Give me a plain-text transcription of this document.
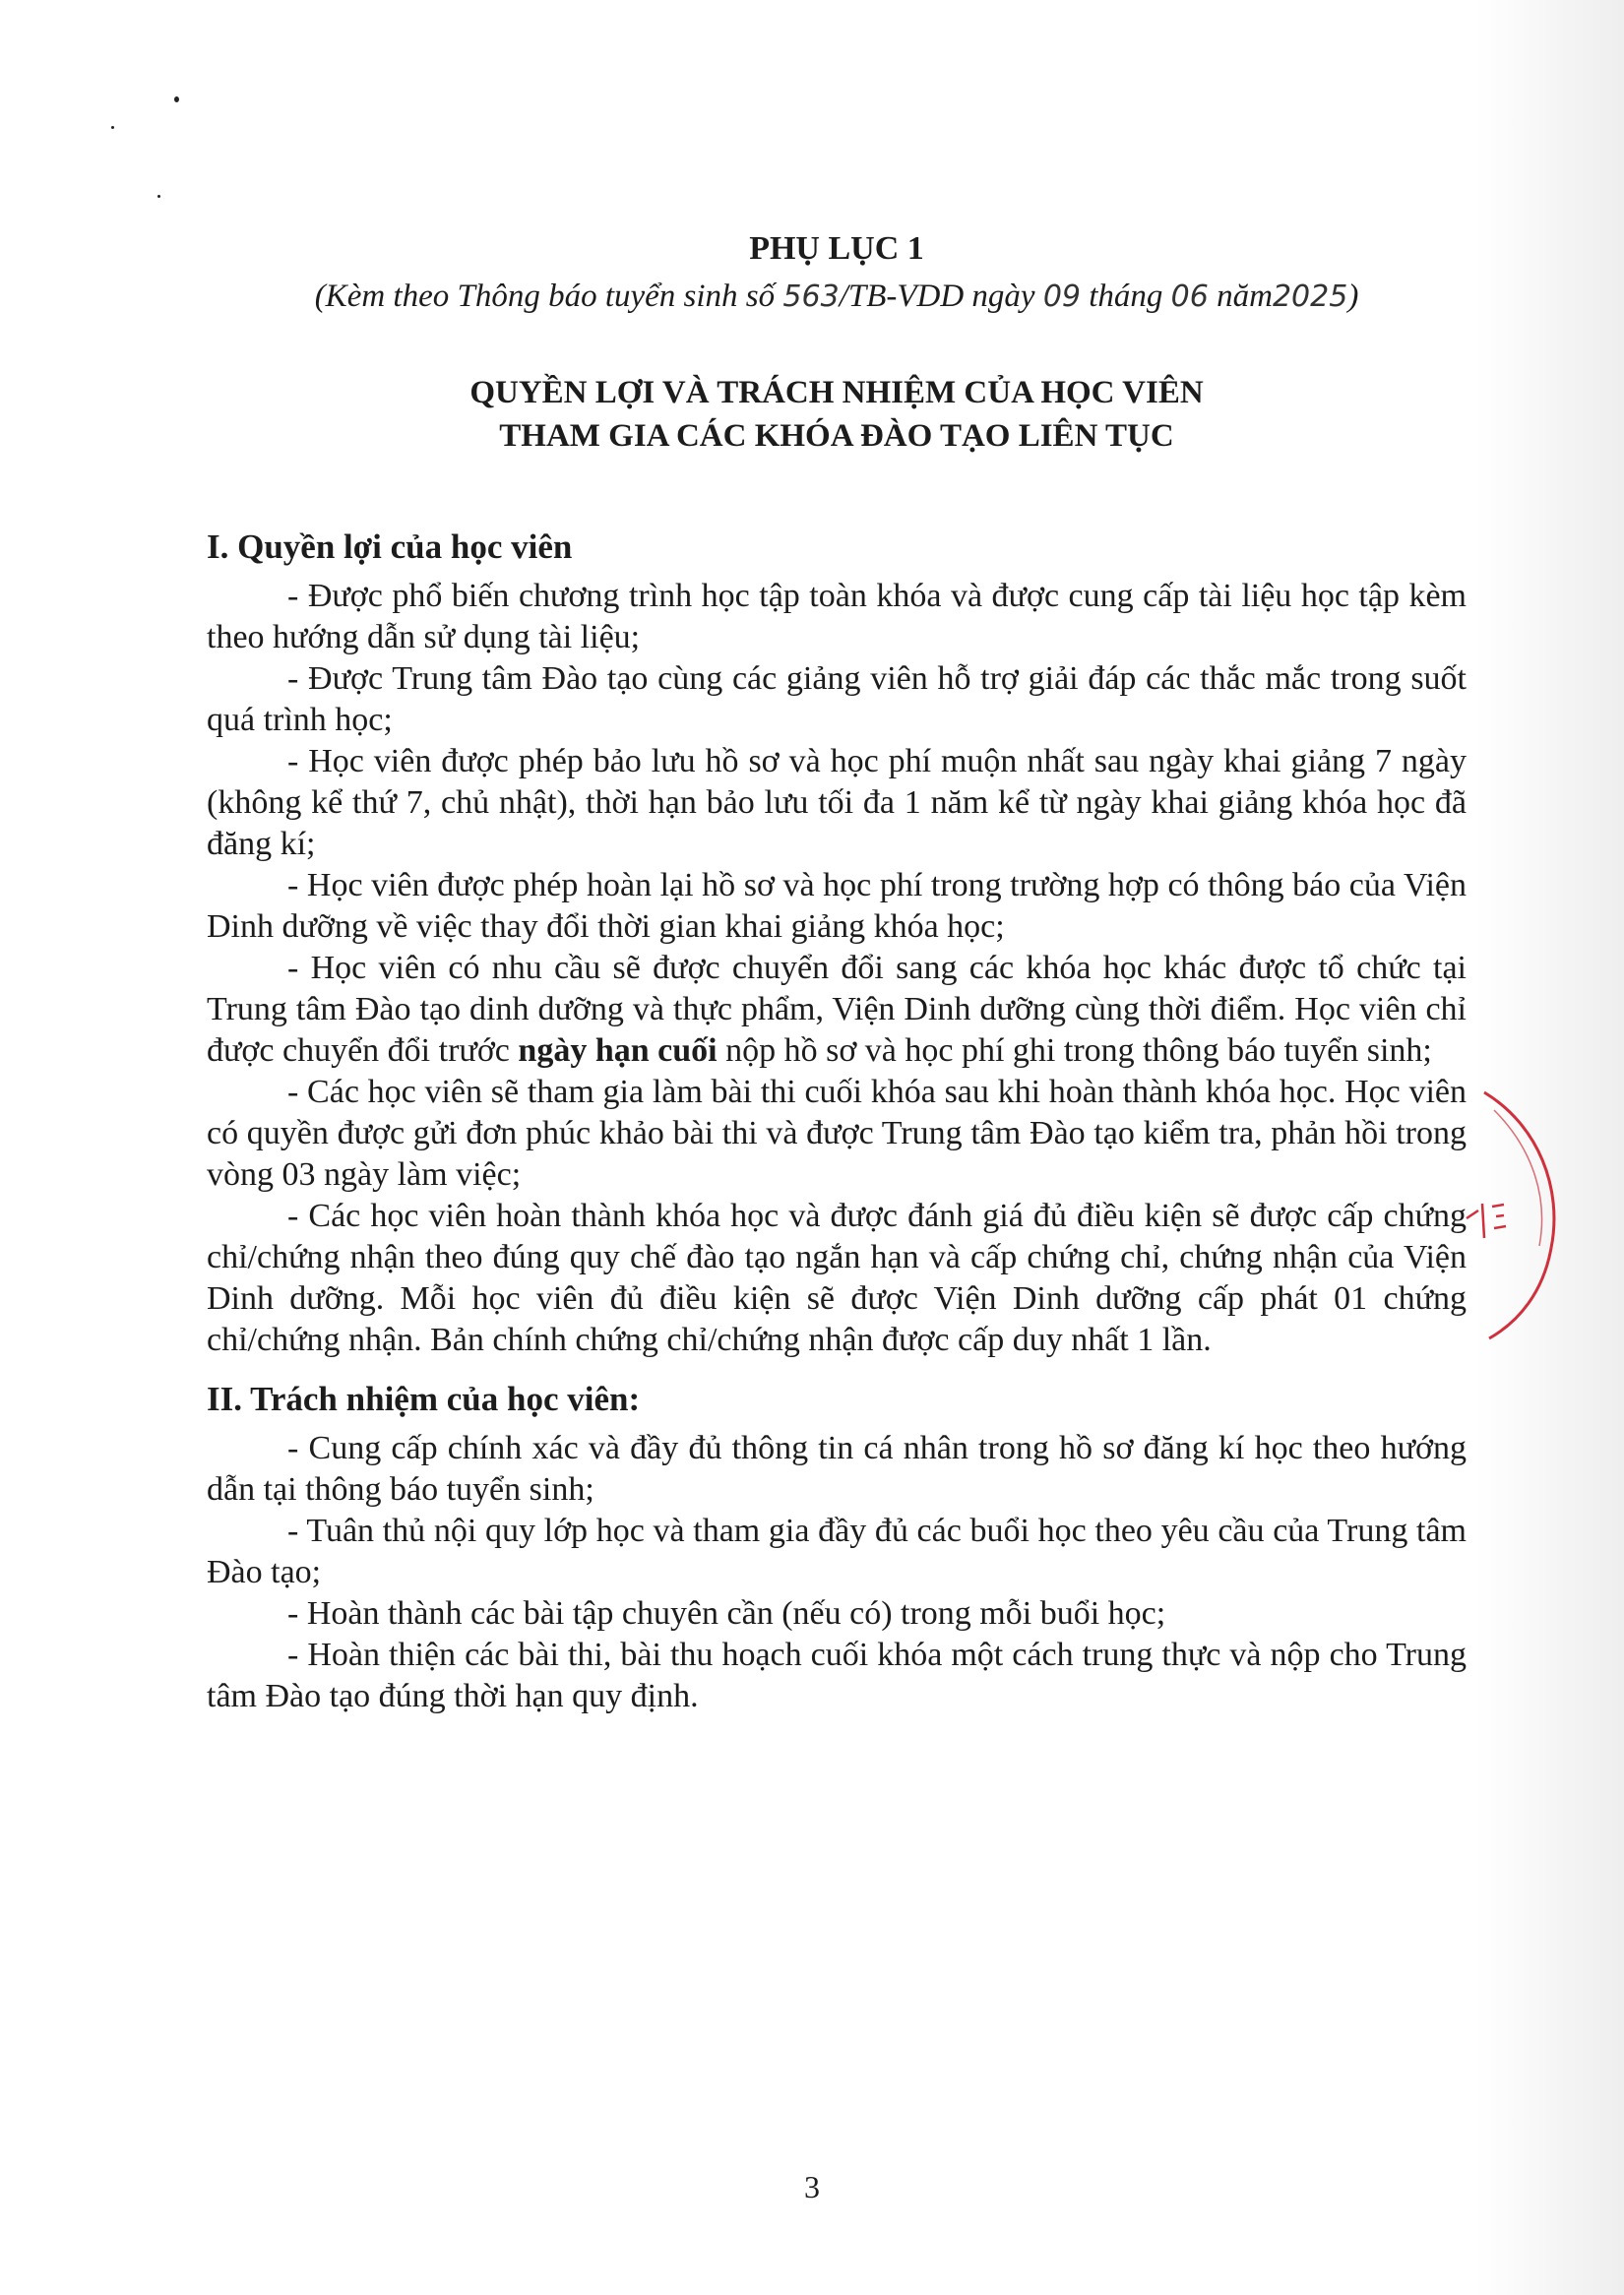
PHỤ LỤC 1

(Kèm theo Thông báo tuyển sinh số 563/TB-VDD ngày 09 tháng 06 năm2025)

QUYỀN LỢI VÀ TRÁCH NHIỆM CỦA HỌC VIÊN
THAM GIA CÁC KHÓA ĐÀO TẠO LIÊN TỤC

I. Quyền lợi của học viên

- Được phổ biến chương trình học tập toàn khóa và được cung cấp tài liệu học tập kèm theo hướng dẫn sử dụng tài liệu;

- Được Trung tâm Đào tạo cùng các giảng viên hỗ trợ giải đáp các thắc mắc trong suốt quá trình học;

- Học viên được phép bảo lưu hồ sơ và học phí muộn nhất sau ngày khai giảng 7 ngày (không kể thứ 7, chủ nhật), thời hạn bảo lưu tối đa 1 năm kể từ ngày khai giảng khóa học đã đăng kí;

- Học viên được phép hoàn lại hồ sơ và học phí trong trường hợp có thông báo của Viện Dinh dưỡng về việc thay đổi thời gian khai giảng khóa học;

- Học viên có nhu cầu sẽ được chuyển đổi sang các khóa học khác được tổ chức tại Trung tâm Đào tạo dinh dưỡng và thực phẩm, Viện Dinh dưỡng cùng thời điểm. Học viên chỉ được chuyển đổi trước ngày hạn cuối nộp hồ sơ và học phí ghi trong thông báo tuyển sinh;

- Các học viên sẽ tham gia làm bài thi cuối khóa sau khi hoàn thành khóa học. Học viên có quyền được gửi đơn phúc khảo bài thi và được Trung tâm Đào tạo kiểm tra, phản hồi trong vòng 03 ngày làm việc;

- Các học viên hoàn thành khóa học và được đánh giá đủ điều kiện sẽ được cấp chứng chỉ/chứng nhận theo đúng quy chế đào tạo ngắn hạn và cấp chứng chỉ, chứng nhận của Viện Dinh dưỡng. Mỗi học viên đủ điều kiện sẽ được Viện Dinh dưỡng cấp phát 01 chứng chỉ/chứng nhận. Bản chính chứng chỉ/chứng nhận được cấp duy nhất 1 lần.

II. Trách nhiệm của học viên:

- Cung cấp chính xác và đầy đủ thông tin cá nhân trong hồ sơ đăng kí học theo hướng dẫn tại thông báo tuyển sinh;

- Tuân thủ nội quy lớp học và tham gia đầy đủ các buổi học theo yêu cầu của Trung tâm Đào tạo;

- Hoàn thành các bài tập chuyên cần (nếu có) trong mỗi buổi học;

- Hoàn thiện các bài thi, bài thu hoạch cuối khóa một cách trung thực và nộp cho Trung tâm Đào tạo đúng thời hạn quy định.

3
